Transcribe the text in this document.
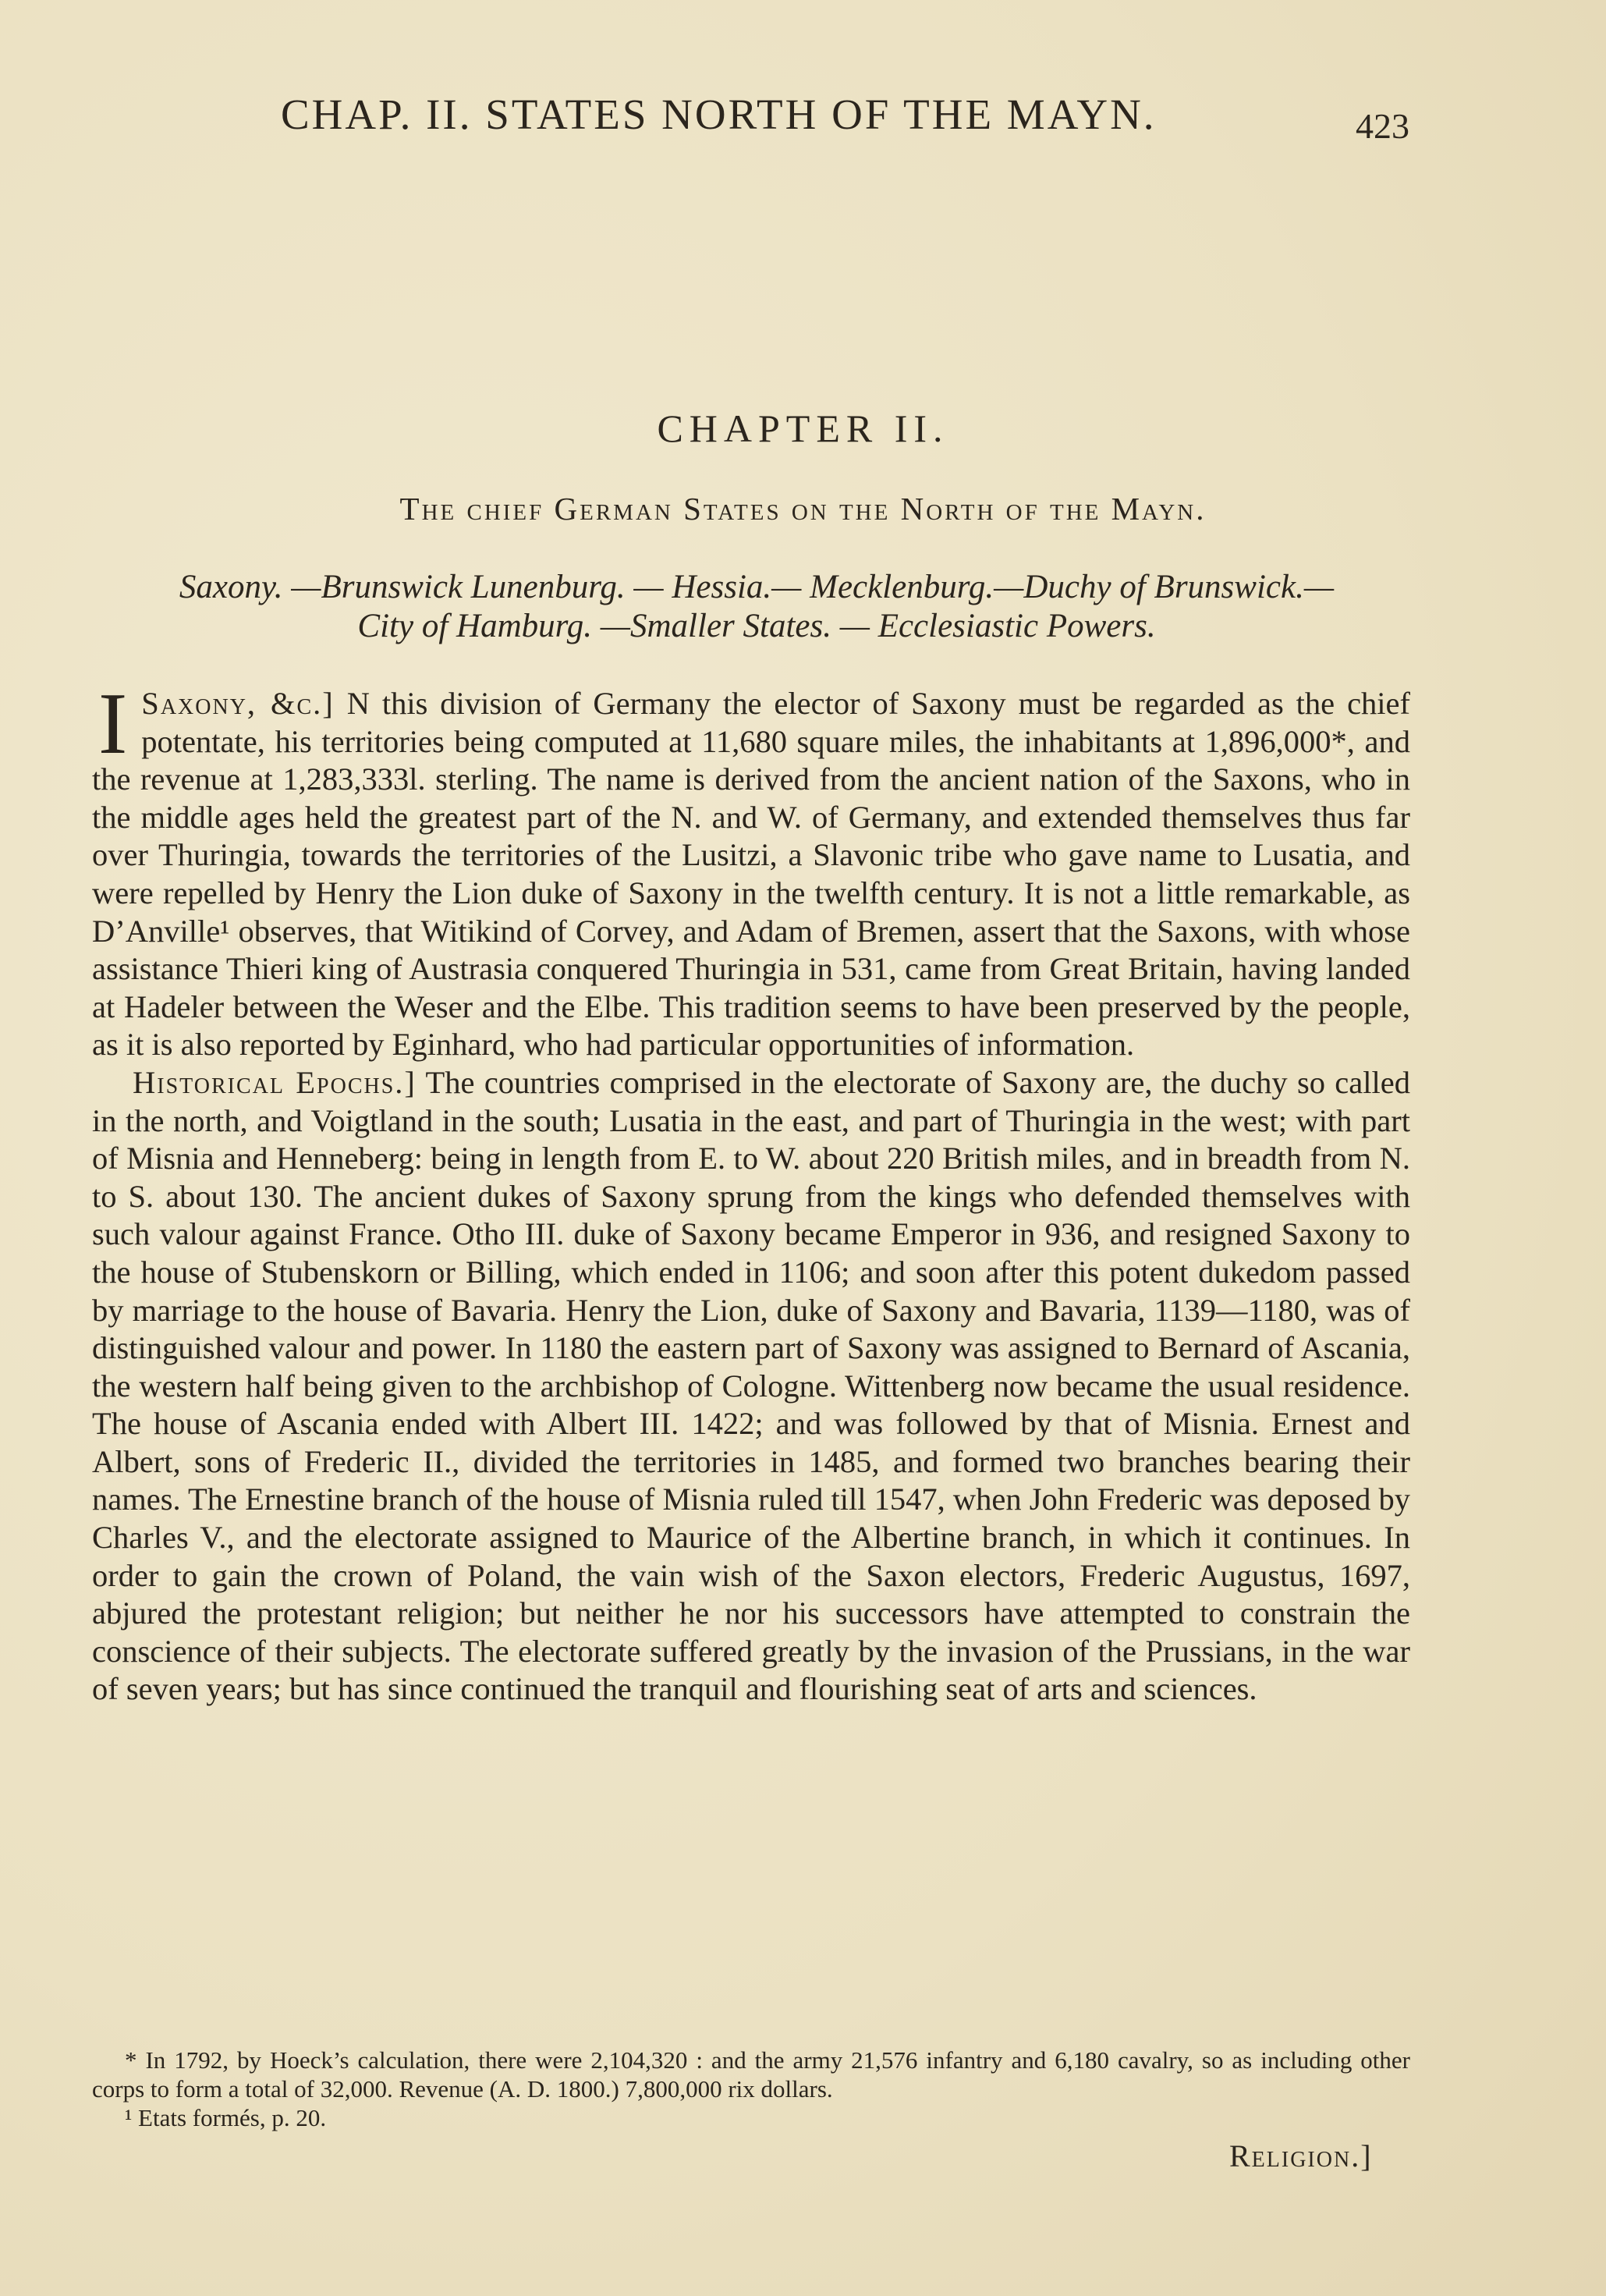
CHAP. II. STATES NORTH OF THE MAYN.	423
CHAPTER II.
The chief German States on the North of the Mayn.
Saxony. —Brunswick Lunenburg. — Hessia.— Mecklenburg.—Duchy of Brunswick.—
City of Hamburg. —Smaller States. — Ecclesiastic Powers.

Saxony, &c.]
I	N this division of Germany the elector of Saxony must be regarded as the chief potentate, his territories being computed at 11,680 square miles, the inhabitants at 1,896,000*, and the revenue at 1,283,333l. sterling. The name is derived from the ancient nation of the Saxons, who in the middle ages held the greatest part of the N. and W. of Germany, and extended themselves thus far over Thuringia, towards the territories of the Lusitzi, a Slavonic tribe who gave name to Lusatia, and were repelled by Henry the Lion duke of Saxony in the twelfth century. It is not a little remarkable, as D’Anville¹ observes, that Witikind of Corvey, and Adam of Bremen, assert that the Saxons, with whose assistance Thieri king of Austrasia conquered Thuringia in 531, came from Great Britain, having landed at Hadeler between the Weser and the Elbe. This tradition seems to have been preserved by the people, as it is also reported by Eginhard, who had particular opportunities of information.

Historical Epochs.] The countries comprised in the electorate of Saxony are, the duchy so called in the north, and Voigtland in the south; Lusatia in the east, and part of Thuringia in the west; with part of Misnia and Henneberg: being in length from E. to W. about 220 British miles, and in breadth from N. to S. about 130. The ancient dukes of Saxony sprung from the kings who defended themselves with such valour against France. Otho III. duke of Saxony became Emperor in 936, and resigned Saxony to the house of Stubenskorn or Billing, which ended in 1106; and soon after this potent dukedom passed by marriage to the house of Bavaria. Henry the Lion, duke of Saxony and Bavaria, 1139—1180, was of distinguished valour and power. In 1180 the eastern part of Saxony was assigned to Bernard of Ascania, the western half being given to the archbishop of Cologne. Wittenberg now became the usual residence. The house of Ascania ended with Albert III. 1422; and was followed by that of Misnia. Ernest and Albert, sons of Frederic II., divided the territories in 1485, and formed two branches bearing their names. The Ernestine branch of the house of Misnia ruled till 1547, when John Frederic was deposed by Charles V., and the electorate assigned to Maurice of the Albertine branch, in which it continues. In order to gain the crown of Poland, the vain wish of the Saxon electors, Frederic Augustus, 1697, abjured the protestant religion; but neither he nor his successors have attempted to constrain the conscience of their subjects. The electorate suffered greatly by the invasion of the Prussians, in the war of seven years; but has since continued the tranquil and flourishing seat of arts and sciences.

* In 1792, by Hoeck’s calculation, there were 2,104,320 : and the army 21,576 infantry and 6,180 cavalry, so as including other corps to form a total of 32,000. Revenue (A. D. 1800.) 7,800,000 rix dollars.

¹ Etats formés, p. 20.

Religion.]
